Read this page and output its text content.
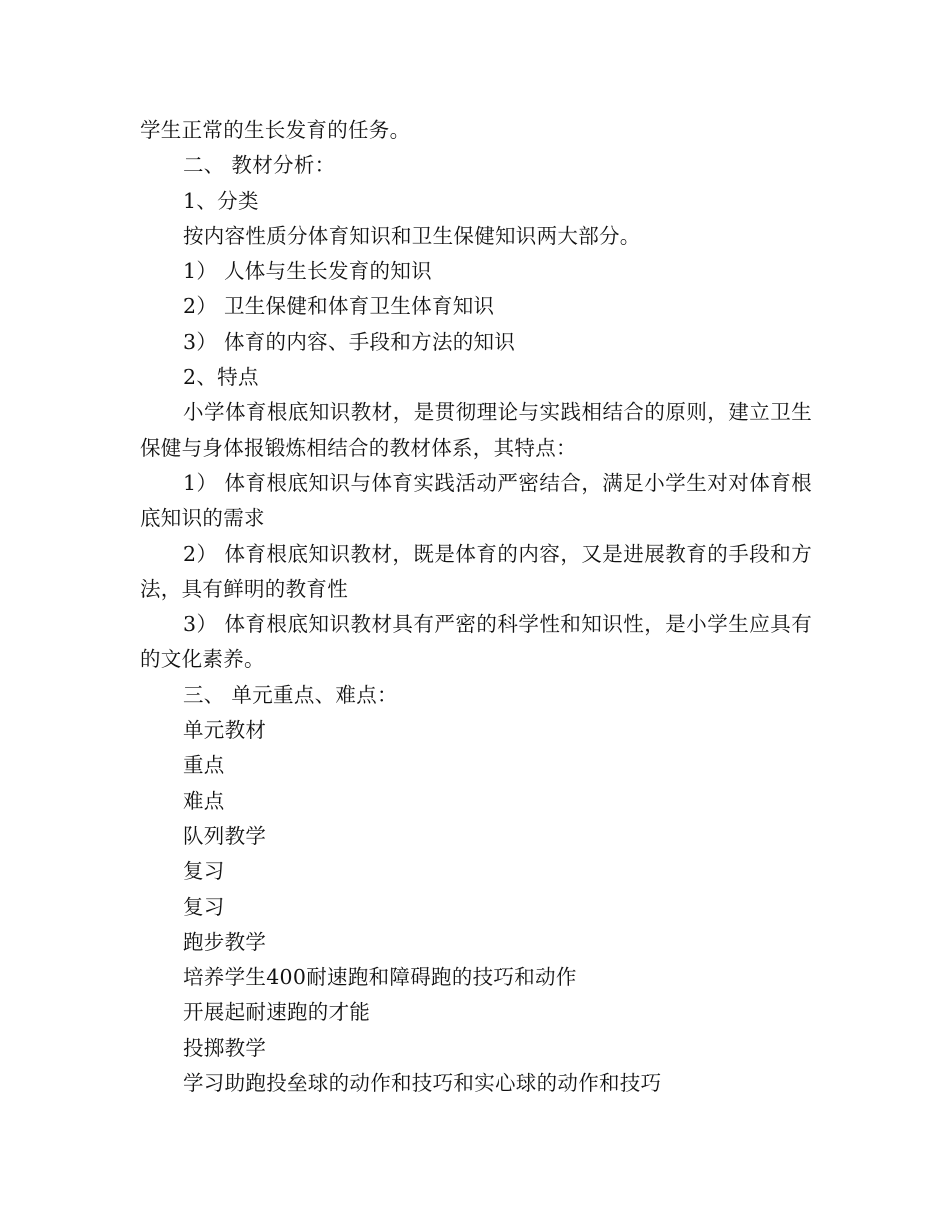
学生正常的生长发育的任务。
二、 教材分析：
1、分类
按内容性质分体育知识和卫生保健知识两大部分。
1） 人体与生长发育的知识
2） 卫生保健和体育卫生体育知识
3） 体育的内容、手段和方法的知识
2、特点

小学体育根底知识教材，是贯彻理论与实践相结合的原则，建立卫生保健与身体报锻炼相结合的教材体系，其特点：

1） 体育根底知识与体育实践活动严密结合，满足小学生对对体育根底知识的需求

2） 体育根底知识教材，既是体育的内容，又是进展教育的手段和方法，具有鲜明的教育性

3） 体育根底知识教材具有严密的科学性和知识性，是小学生应具有的文化素养。

三、 单元重点、难点：
单元教材
重点
难点
队列教学
复习
复习
跑步教学
培养学生400耐速跑和障碍跑的技巧和动作
开展起耐速跑的才能
投掷教学
学习助跑投垒球的动作和技巧和实心球的动作和技巧
